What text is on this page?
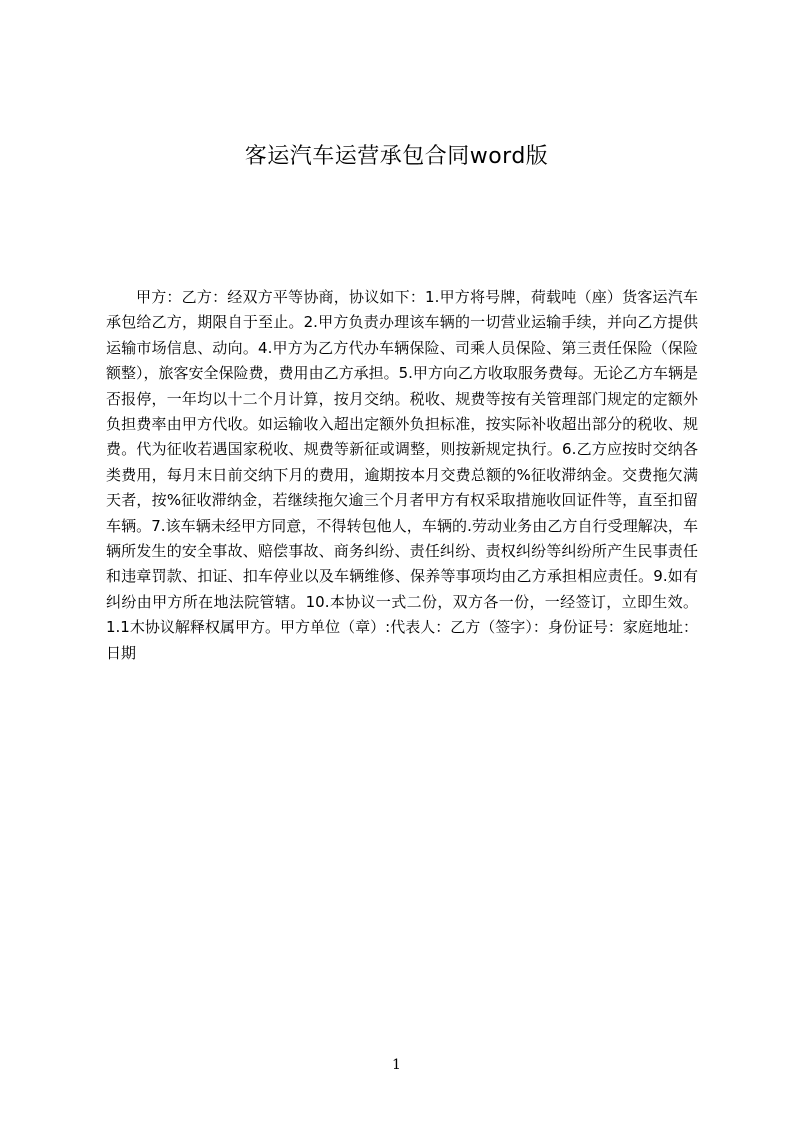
客运汽车运营承包合同word版

甲方：乙方：经双方平等协商，协议如下：1.甲方将号牌，荷载吨（座）货客运汽车承包给乙方，期限自于至止。2.甲方负责办理该车辆的一切营业运输手续，并向乙方提供运输市场信息、动向。4.甲方为乙方代办车辆保险、司乘人员保险、第三责任保险（保险额整），旅客安全保险费，费用由乙方承担。5.甲方向乙方收取服务费每。无论乙方车辆是否报停，一年均以十二个月计算，按月交纳。税收、规费等按有关管理部门规定的定额外负担费率由甲方代收。如运输收入超出定额外负担标准，按实际补收超出部分的税收、规费。代为征收若遇国家税收、规费等新征或调整，则按新规定执行。6.乙方应按时交纳各类费用，每月末日前交纳下月的费用，逾期按本月交费总额的%征收滞纳金。交费拖欠满天者，按%征收滞纳金，若继续拖欠逾三个月者甲方有权采取措施收回证件等，直至扣留车辆。7.该车辆未经甲方同意，不得转包他人，车辆的.劳动业务由乙方自行受理解决，车辆所发生的安全事故、赔偿事故、商务纠纷、责任纠纷、责权纠纷等纠纷所产生民事责任和违章罚款、扣证、扣车停业以及车辆维修、保养等事项均由乙方承担相应责任。9.如有纠纷由甲方所在地法院管辖。10.本协议一式二份，双方各一份，一经签订，立即生效。1.1木协议解释权属甲方。甲方单位（章）:代表人：乙方（签字）：身份证号：家庭地址：日期

1
